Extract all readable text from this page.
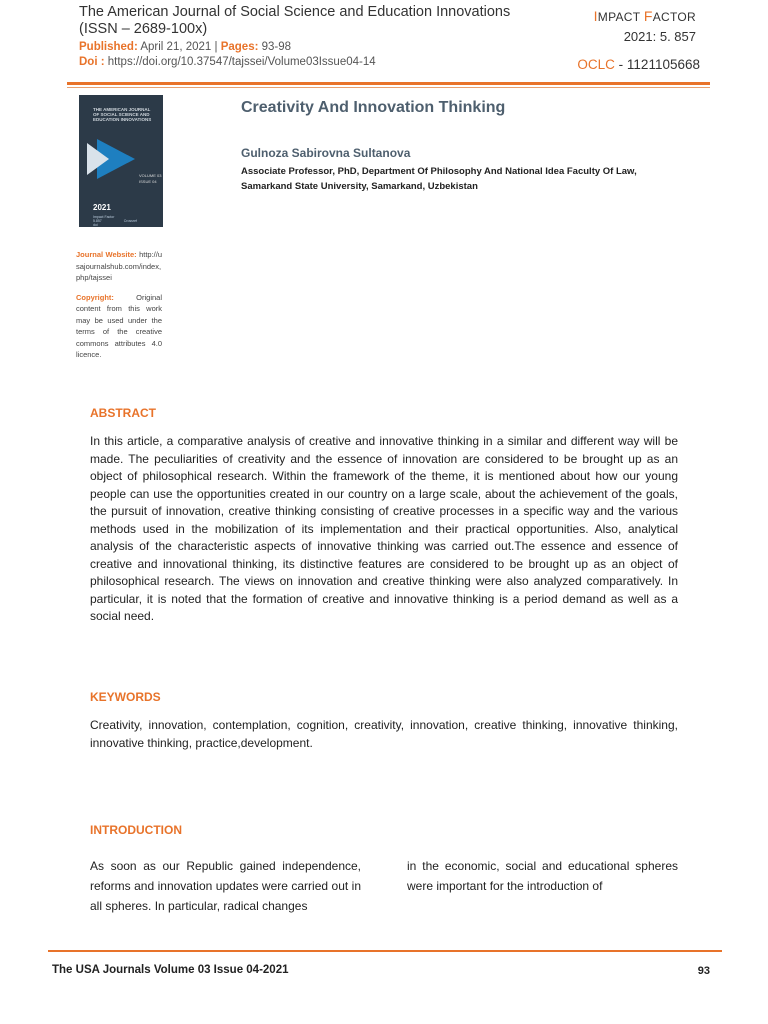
The American Journal of Social Science and Education Innovations
(ISSN – 2689-100x)
Published: April 21, 2021 | Pages: 93-98
Doi : https://doi.org/10.37547/tajssei/Volume03Issue04-14
IMPACT FACTOR
2021: 5. 857
OCLC - 1121105668
THE AMERICAN JOURNAL OF SOCIAL SCIENCE AND EDUCATION INNOVATIONS
VOLUME 03 ISSUE 04
2021
Impact Factor 5.857	Crossref doi

Journal Website: http://usajournalshub.com/index,php/tajssei

Copyright:	Original content from this work may be used under the terms of the creative commons attributes 4.0 licence.

Creativity And Innovation Thinking
Gulnoza Sabirovna Sultanova
Associate Professor, PhD, Department Of Philosophy And National Idea Faculty Of Law, Samarkand State University, Samarkand, Uzbekistan
ABSTRACT

In this article, a comparative analysis of creative and innovative thinking in a similar and different way will be made. The peculiarities of creativity and the essence of innovation are considered to be brought up as an object of philosophical research. Within the framework of the theme, it is mentioned about how our young people can use the opportunities created in our country on a large scale, about the achievement of the goals, the pursuit of innovation, creative thinking consisting of creative processes in a specific way and the various methods used in the mobilization of its implementation and their practical opportunities. Also, analytical analysis of the characteristic aspects of innovative thinking was carried out.The essence and essence of creative and innovational thinking, its distinctive features are considered to be brought up as an object of philosophical research. The views on innovation and creative thinking were also analyzed comparatively. In particular, it is noted that the formation of creative and innovative thinking is a period demand as well as a social need.

KEYWORDS

Creativity, innovation, contemplation, cognition, creativity, innovation, creative thinking, innovative thinking, innovative thinking, practice,development.

INTRODUCTION

As soon as our Republic gained independence, reforms and innovation updates were carried out in all spheres. In particular, radical changes

in the economic, social and educational spheres were important for the introduction of

The USA Journals Volume 03 Issue 04-2021	93
